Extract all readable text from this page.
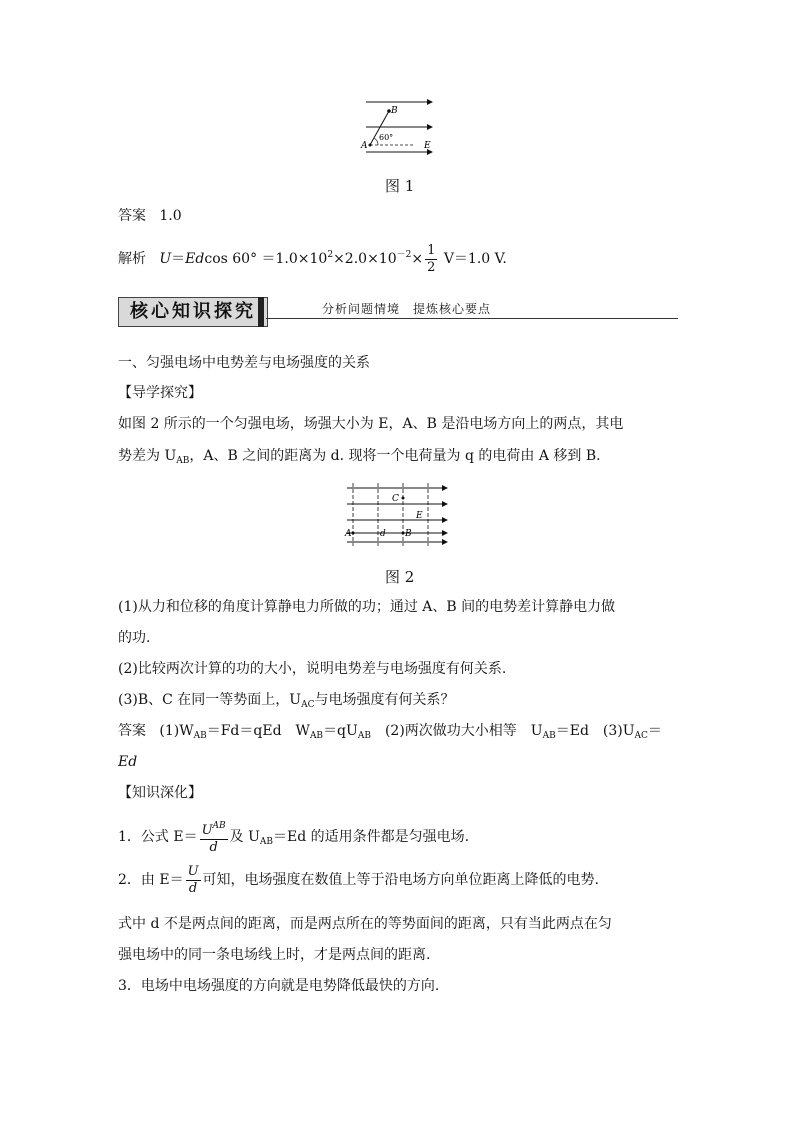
B
A
60°
E
图 1
答案 1.0
解析 U＝Edcos $60^\circ =1.0\times 10^2\times 2.0\times 10^{-2}\times \frac{1}{2} V=1.0$ V.
核心知识探究	分析问题情境　提炼核心要点
一、匀强电场中电势差与电场强度的关系
【导学探究】
如图 2 所示的一个匀强电场，场强大小为 E，A、B 是沿电场方向上的两点，其电
势差为 $U_{AB}$，A、B 之间的距离为 d. 现将一个电荷量为 q 的电荷由 A 移到 B.
C
E
A	d B
图 2
(1)从力和位移的角度计算静电力所做的功；通过 A、B 间的电势差计算静电力做
的功.
(2)比较两次计算的功的大小，说明电势差与电场强度有何关系.
(3)B、C 在同一等势面上，$U_{AC}$与电场强度有何关系？
答案 $(1)W_{AB}=Fd=qEd$　$W_{AB}=qU_{AB}$　(2)两次做功大小相等　$U_{AB}=Ed$　$(3)U_{AC}=$
Ed
【知识深化】
1．公式 $E= \frac{U^{AB}}{d}$ 及 $U_{AB}=Ed$ 的适用条件都是匀强电场.
2．由 $E= \frac{U}{d}$ 可知，电场强度在数值上等于沿电场方向单位距离上降低的电势.
式中 d 不是两点间的距离，而是两点所在的等势面间的距离，只有当此两点在匀
强电场中的同一条电场线上时，才是两点间的距离.
3．电场中电场强度的方向就是电势降低最快的方向.
